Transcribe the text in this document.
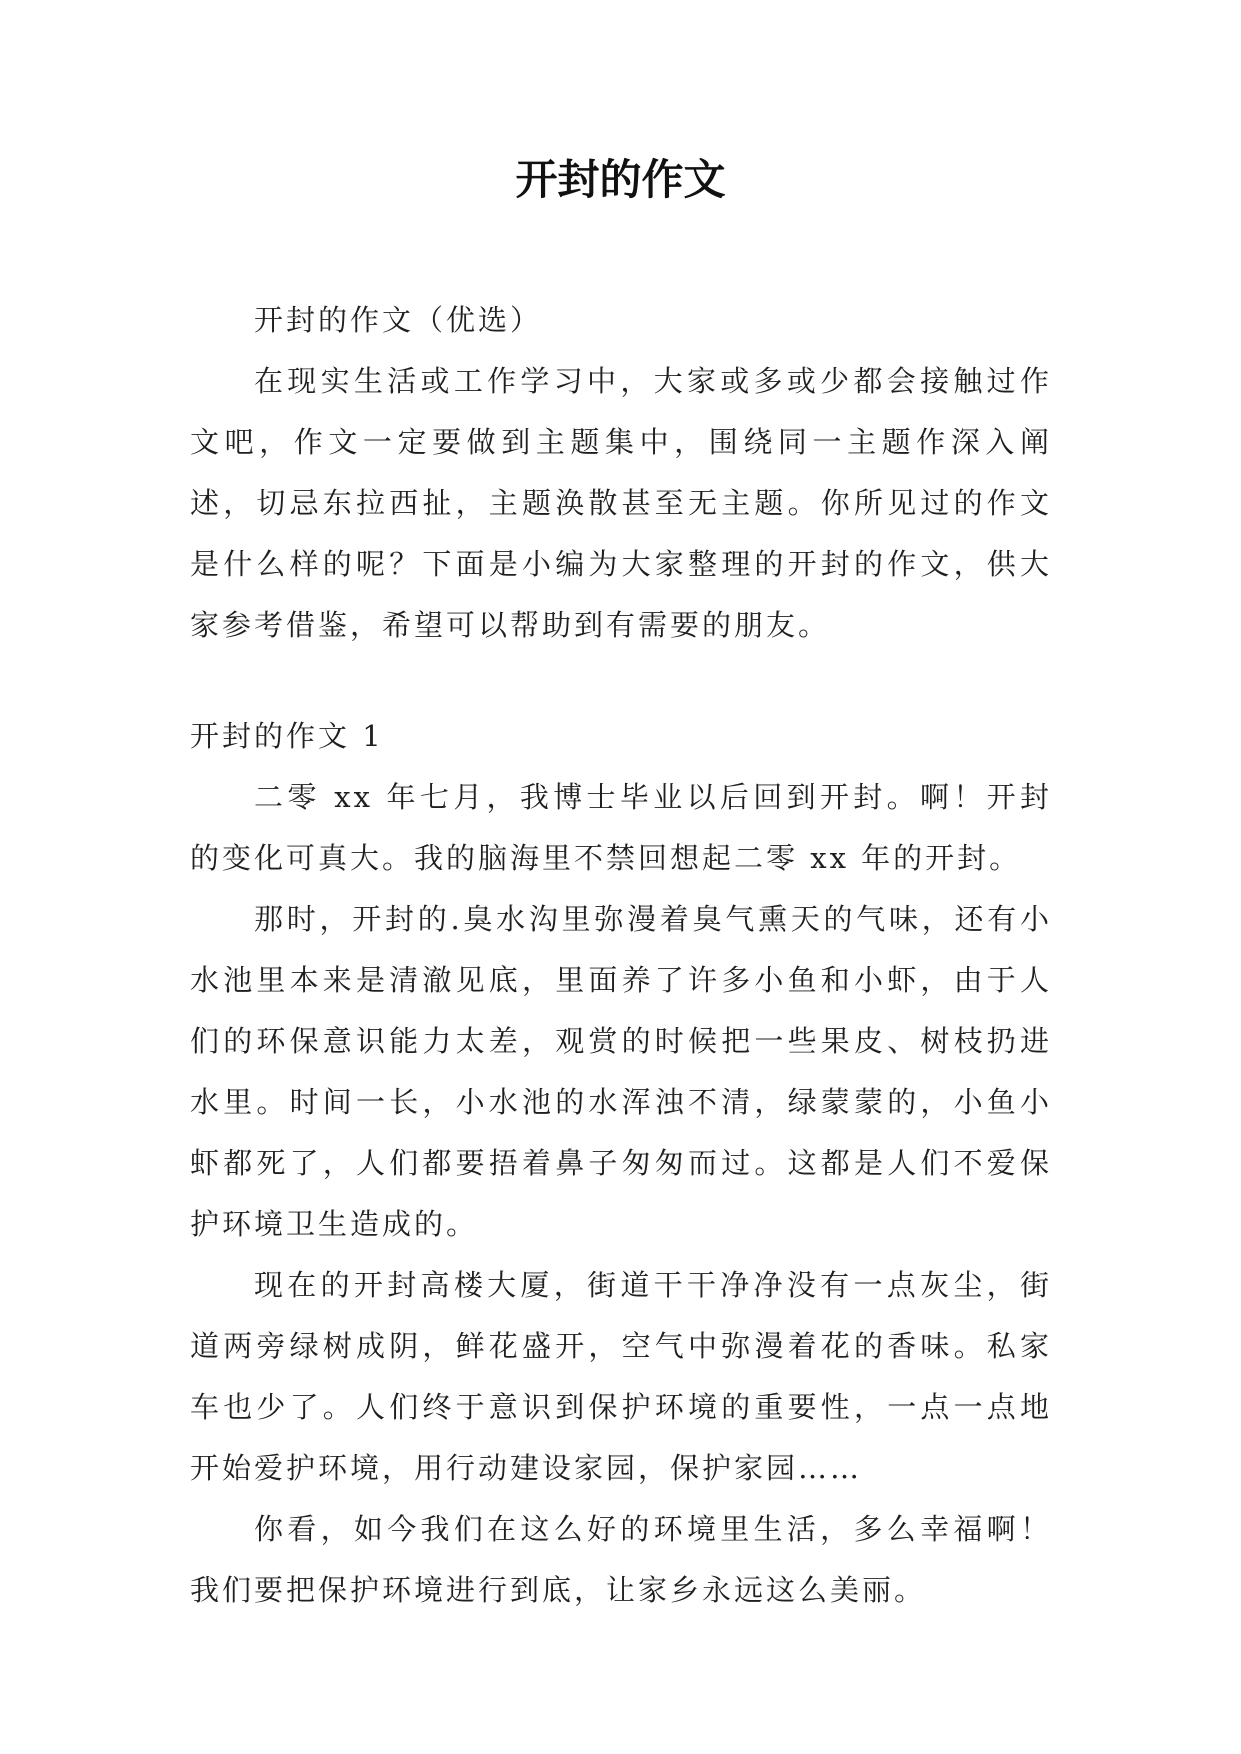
开封的作文

开封的作文（优选）

在现实生活或工作学习中，大家或多或少都会接触过作文吧，作文一定要做到主题集中，围绕同一主题作深入阐述，切忌东拉西扯，主题涣散甚至无主题。你所见过的作文是什么样的呢？下面是小编为大家整理的开封的作文，供大家参考借鉴，希望可以帮助到有需要的朋友。

开封的作文 1

二零 xx 年七月，我博士毕业以后回到开封。啊！开封的变化可真大。我的脑海里不禁回想起二零 xx 年的开封。

那时，开封的.臭水沟里弥漫着臭气熏天的气味，还有小水池里本来是清澈见底，里面养了许多小鱼和小虾，由于人们的环保意识能力太差，观赏的时候把一些果皮、树枝扔进水里。时间一长，小水池的水浑浊不清，绿蒙蒙的，小鱼小虾都死了，人们都要捂着鼻子匆匆而过。这都是人们不爱保护环境卫生造成的。

现在的开封高楼大厦，街道干干净净没有一点灰尘，街道两旁绿树成阴，鲜花盛开，空气中弥漫着花的香味。私家车也少了。人们终于意识到保护环境的重要性，一点一点地开始爱护环境，用行动建设家园，保护家园……

你看，如今我们在这么好的环境里生活，多么幸福啊！我们要把保护环境进行到底，让家乡永远这么美丽。
